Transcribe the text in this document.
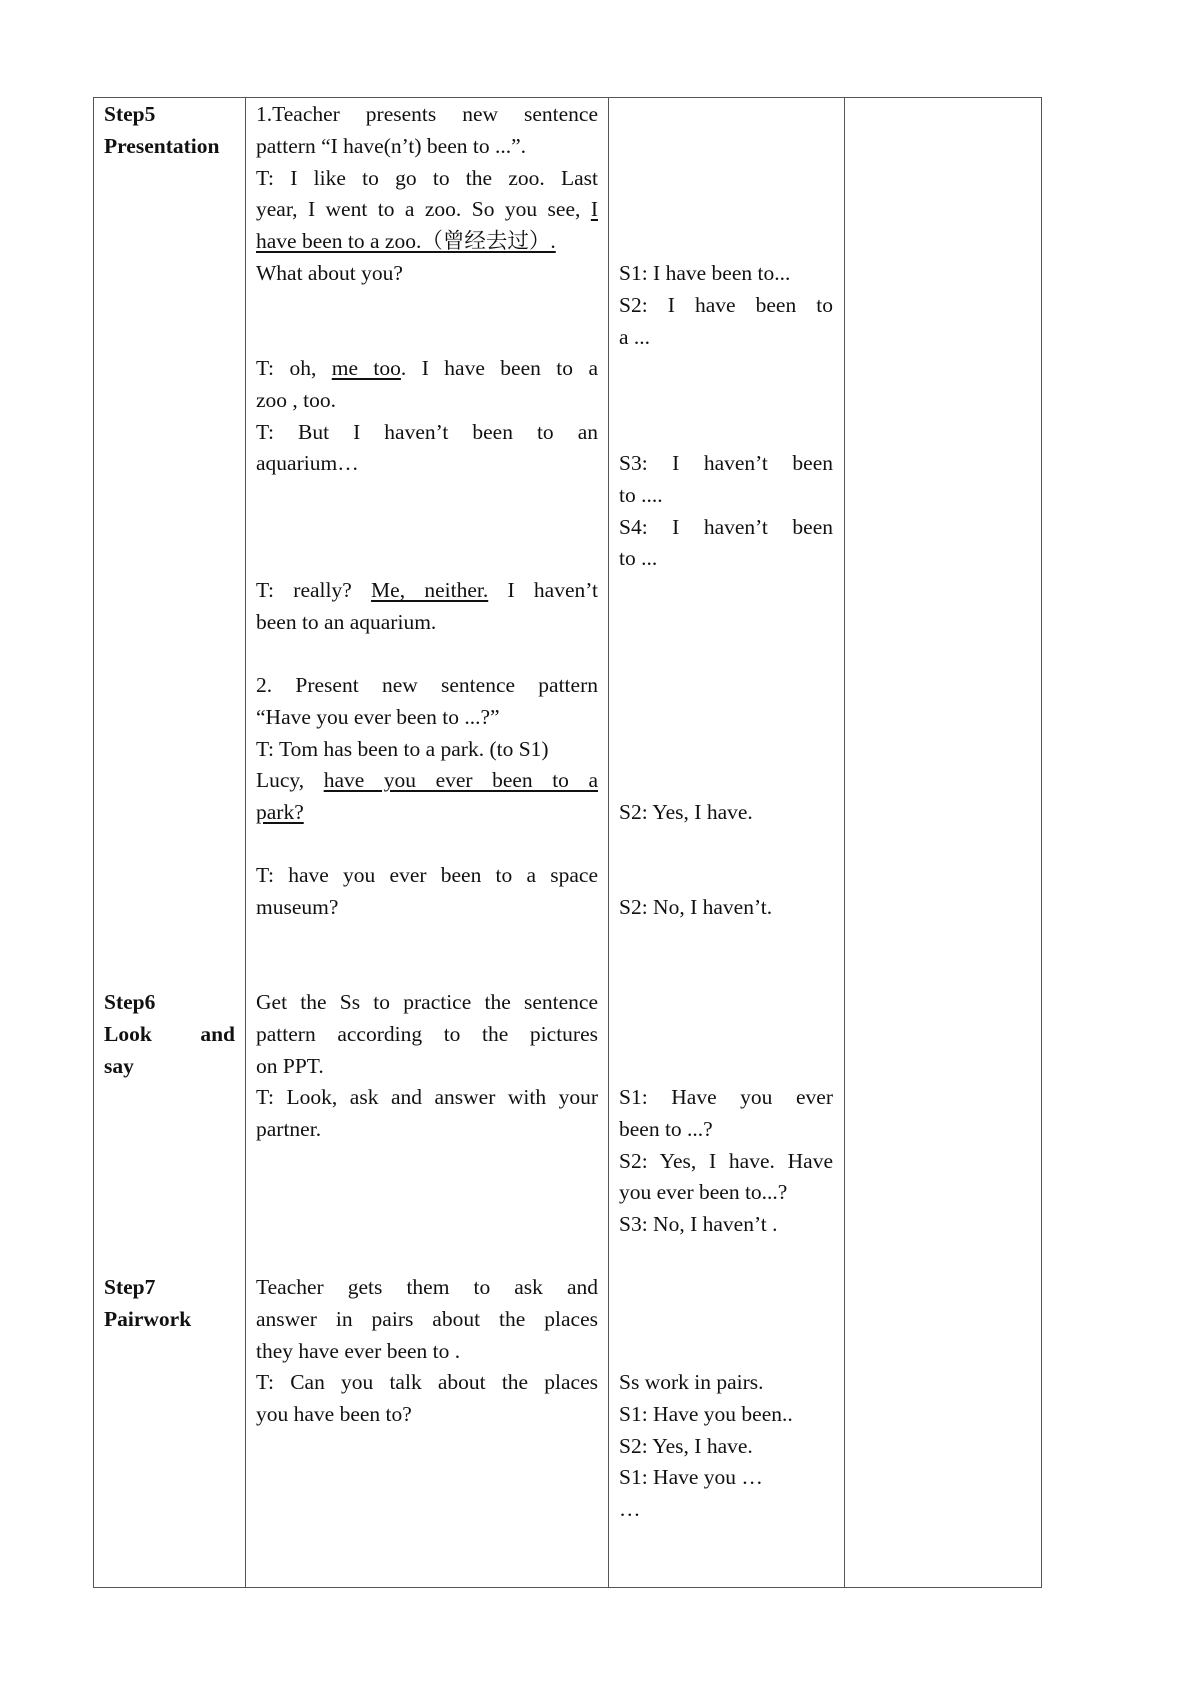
Step5

Presentation

1.Teacher presents new sentence

pattern “I have(n’t) been to ...”.

T: I like to go to the zoo. Last

year, I went to a zoo. So you see, I

have been to a zoo.（曾经去过）.

What about you?

T: oh, me too. I have been to a

zoo , too.

T: But I haven’t been to an

aquarium…

T: really? Me, neither. I haven’t

been to an aquarium.

2. Present new sentence pattern

“Have you ever been to ...?”

T: Tom has been to a park. (to S1)

Lucy, have you ever been to a

park?

T: have you ever been to a space

museum?

S1: I have been to...

S2: I have been to

a ...

S3: I haven’t been

to ....

S4: I haven’t been

to ...

S2: Yes, I have.

S2: No, I haven’t.

Step6

Look and

say

Get the Ss to practice the sentence

pattern according to the pictures

on PPT.

T: Look, ask and answer with your

partner.

S1: Have you ever

been to ...?

S2: Yes, I have. Have

you ever been to...?

S3: No, I haven’t .

Step7

Pairwork

Teacher gets them to ask and

answer in pairs about the places

they have ever been to .

T: Can you talk about the places

you have been to?

Ss work in pairs.

S1: Have you been..

S2: Yes, I have.

S1: Have you …

…
